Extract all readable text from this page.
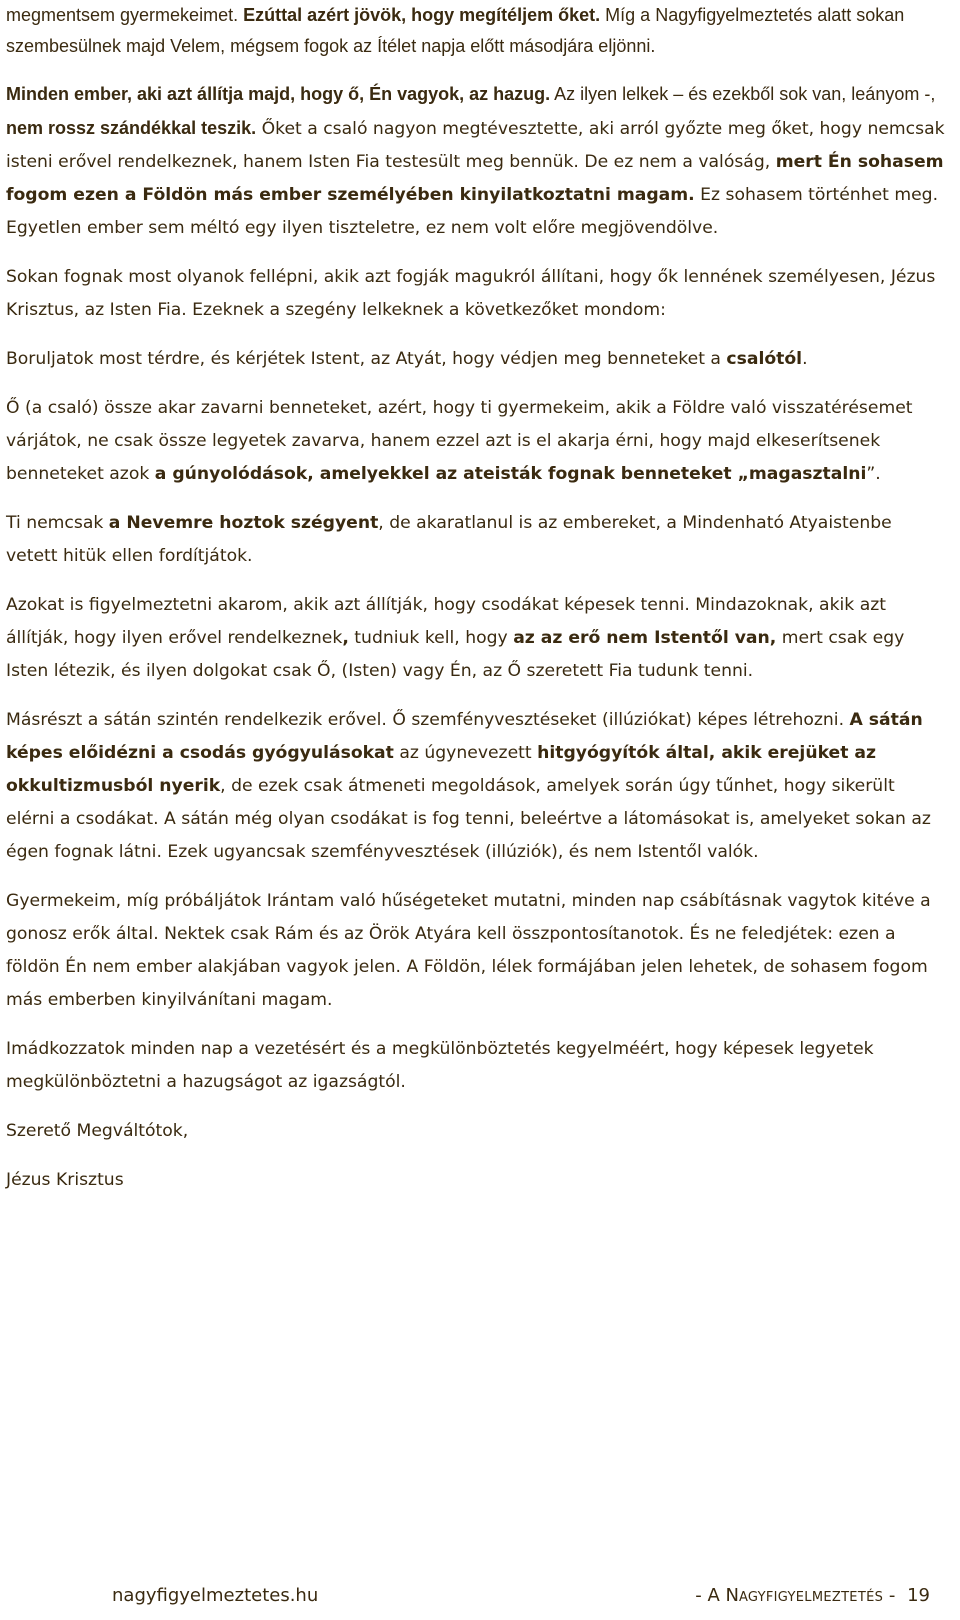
megmentsem gyermekeimet. Ezúttal azért jövök, hogy megítéljem őket. Míg a Nagyfigyelmeztetés alatt sokan szembesülnek majd Velem, mégsem fogok az Ítélet napja előtt másodjára eljönni.

Minden ember, aki azt állítja majd, hogy ő, Én vagyok, az hazug. Az ilyen lelkek – és ezekből sok van, leányom -, nem rossz szándékkal teszik. Őket a csaló nagyon megtévesztette, aki arról győzte meg őket, hogy nemcsak isteni erővel rendelkeznek, hanem Isten Fia testesült meg bennük. De ez nem a valóság, mert Én sohasem fogom ezen a Földön más ember személyében kinyilatkoztatni magam. Ez sohasem történhet meg. Egyetlen ember sem méltó egy ilyen tiszteletre, ez nem volt előre megjövendölve.

Sokan fognak most olyanok fellépni, akik azt fogják magukról állítani, hogy ők lennének személyesen, Jézus Krisztus, az Isten Fia. Ezeknek a szegény lelkeknek a következőket mondom:

Boruljatok most térdre, és kérjétek Istent, az Atyát, hogy védjen meg benneteket a csalótól.

Ő (a csaló) össze akar zavarni benneteket, azért, hogy ti gyermekeim, akik a Földre való visszatérésemet várjátok, ne csak össze legyetek zavarva, hanem ezzel azt is el akarja érni, hogy majd elkeserítsenek benneteket azok a gúnyolódások, amelyekkel az ateisták fognak benneteket „magasztalni”.

Ti nemcsak a Nevemre hoztok szégyent, de akaratlanul is az embereket, a Mindenható Atyaistenbe vetett hitük ellen fordítjátok.

Azokat is figyelmeztetni akarom, akik azt állítják, hogy csodákat képesek tenni. Mindazoknak, akik azt állítják, hogy ilyen erővel rendelkeznek, tudniuk kell, hogy az az erő nem Istentől van, mert csak egy Isten létezik, és ilyen dolgokat csak Ő, (Isten) vagy Én, az Ő szeretett Fia tudunk tenni.

Másrészt a sátán szintén rendelkezik erővel. Ő szemfényvesztéseket (illúziókat) képes létrehozni. A sátán képes előidézni a csodás gyógyulásokat az úgynevezett hitgyógyítók által, akik erejüket az okkultizmusból nyerik, de ezek csak átmeneti megoldások, amelyek során úgy tűnhet, hogy sikerült elérni a csodákat. A sátán még olyan csodákat is fog tenni, beleértve a látomásokat is, amelyeket sokan az égen fognak látni. Ezek ugyancsak szemfényvesztések (illúziók), és nem Istentől valók.

Gyermekeim, míg próbáljátok Irántam való hűségeteket mutatni, minden nap csábításnak vagytok kitéve a gonosz erők által. Nektek csak Rám és az Örök Atyára kell összpontosítanotok. És ne feledjétek: ezen a földön Én nem ember alakjában vagyok jelen. A Földön, lélek formájában jelen lehetek, de sohasem fogom más emberben kinyilvánítani magam.

Imádkozzatok minden nap a vezetésért és a megkülönböztetés kegyelméért, hogy képesek legyetek megkülönböztetni a hazugságot az igazságtól.

Szerető Megváltótok,

Jézus Krisztus

nagyfigyelmeztetes.hu	- A NAGYFIGYELMEZTETÉS - 19
